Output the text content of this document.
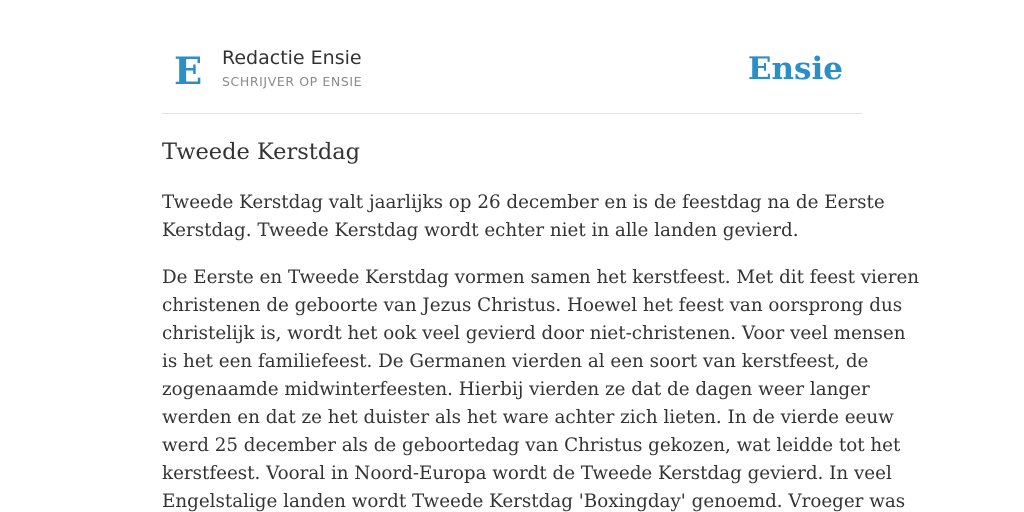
E Redactie Ensie
SCHRIJVER OP ENSIE	Ensie
Tweede Kerstdag

Tweede Kerstdag valt jaarlijks op 26 december en is de feestdag na de Eerste
Kerstdag. Tweede Kerstdag wordt echter niet in alle landen gevierd.

De Eerste en Tweede Kerstdag vormen samen het kerstfeest. Met dit feest vieren
christenen de geboorte van Jezus Christus. Hoewel het feest van oorsprong dus
christelijk is, wordt het ook veel gevierd door niet-christenen. Voor veel mensen
is het een familiefeest. De Germanen vierden al een soort van kerstfeest, de
zogenaamde midwinterfeesten. Hierbij vierden ze dat de dagen weer langer
werden en dat ze het duister als het ware achter zich lieten. In de vierde eeuw
werd 25 december als de geboortedag van Christus gekozen, wat leidde tot het
kerstfeest. Vooral in Noord-Europa wordt de Tweede Kerstdag gevierd. In veel
Engelstalige landen wordt Tweede Kerstdag 'Boxingday' genoemd. Vroeger was
